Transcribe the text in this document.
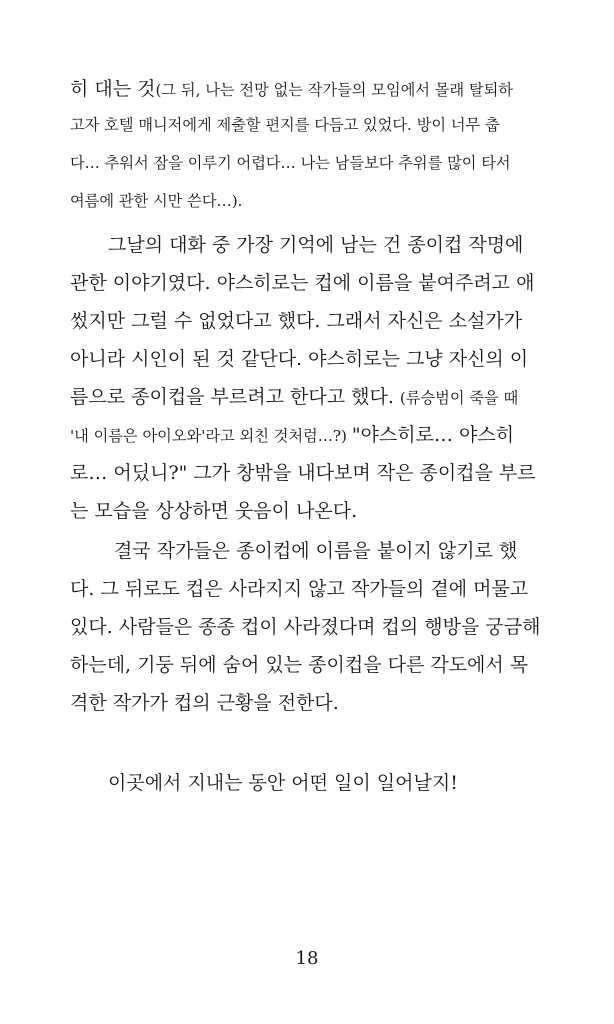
히 대는 것(그 뒤, 나는 전망 없는 작가들의 모임에서 몰래 탈퇴하
고자 호텔 매니저에게 제출할 편지를 다듬고 있었다. 방이 너무 춥
다… 추워서 잠을 이루기 어렵다… 나는 남들보다 추위를 많이 타서
여름에 관한 시만 쓴다…).
그날의 대화 중 가장 기억에 남는 건 종이컵 작명에
관한 이야기였다. 야스히로는 컵에 이름을 붙여주려고 애
썼지만 그럴 수 없었다고 했다. 그래서 자신은 소설가가
아니라 시인이 된 것 같단다. 야스히로는 그냥 자신의 이
름으로 종이컵을 부르려고 한다고 했다. (류승범이 죽을 때
'내 이름은 아이오와'라고 외친 것처럼…?) "야스히로… 야스히
로… 어딨니?" 그가 창밖을 내다보며 작은 종이컵을 부르
는 모습을 상상하면 웃음이 나온다.
결국 작가들은 종이컵에 이름을 붙이지 않기로 했
다. 그 뒤로도 컵은 사라지지 않고 작가들의 곁에 머물고
있다. 사람들은 종종 컵이 사라졌다며 컵의 행방을 궁금해
하는데, 기둥 뒤에 숨어 있는 종이컵을 다른 각도에서 목
격한 작가가 컵의 근황을 전한다.
이곳에서 지내는 동안 어떤 일이 일어날지!
18
